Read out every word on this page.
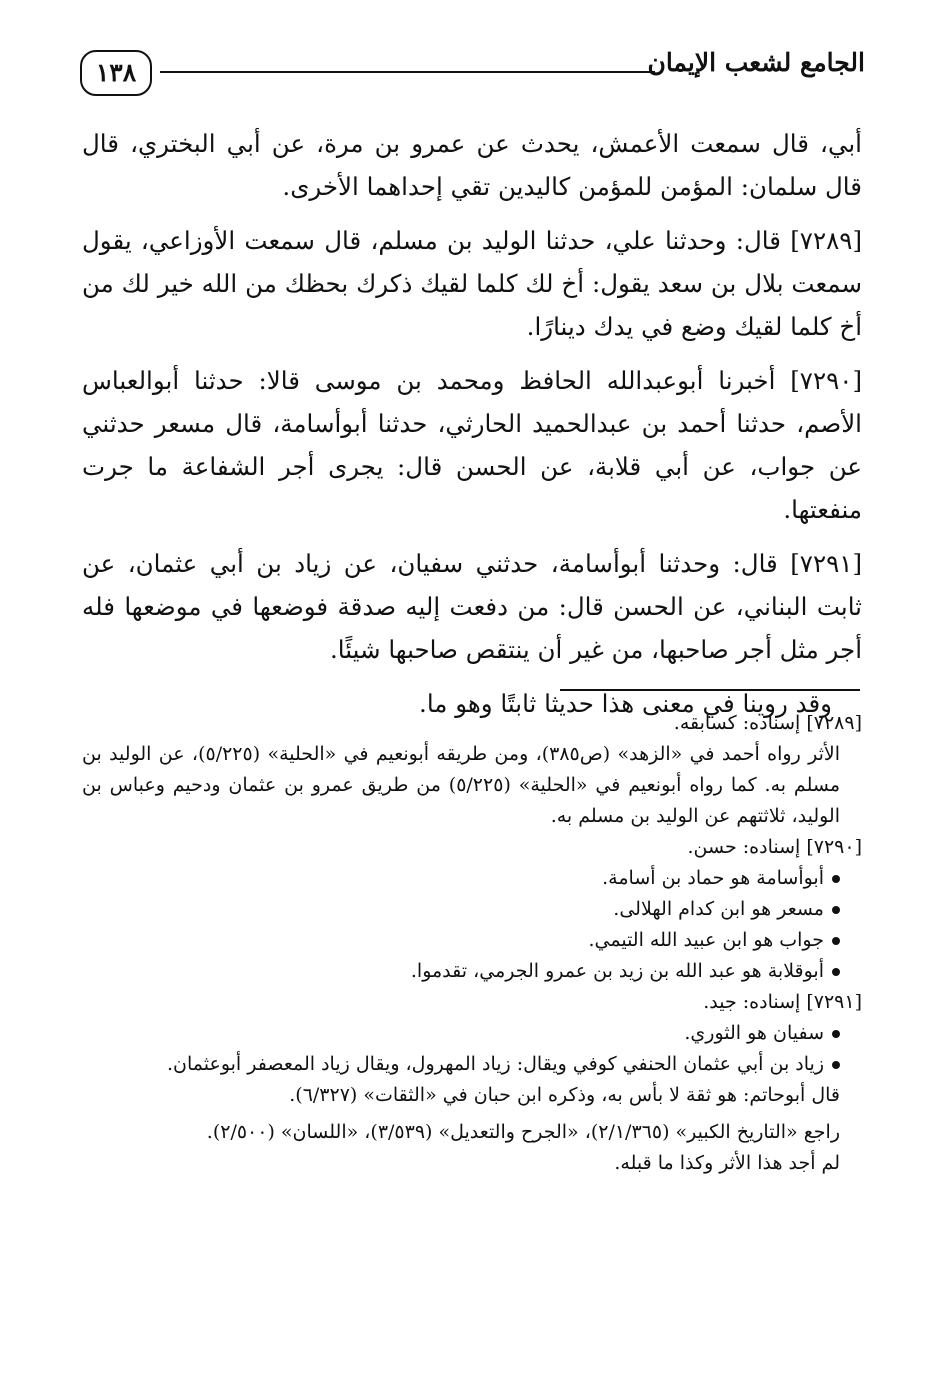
الجامع لشعب الإيمان
١٣٨

أبي، قال سمعت الأعمش، يحدث عن عمرو بن مرة، عن أبي البختري، قال قال سلمان: المؤمن للمؤمن كاليدين تقي إحداهما الأخرى.

[٧٢٨٩] قال: وحدثنا علي، حدثنا الوليد بن مسلم، قال سمعت الأوزاعي، يقول سمعت بلال بن سعد يقول: أخ لك كلما لقيك ذكرك بحظك من الله خير لك من أخ كلما لقيك وضع في يدك دينارًا.

[٧٢٩٠] أخبرنا أبوعبدالله الحافظ ومحمد بن موسى قالا: حدثنا أبوالعباس الأصم، حدثنا أحمد بن عبدالحميد الحارثي، حدثنا أبوأسامة، قال مسعر حدثني عن جواب، عن أبي قلابة، عن الحسن قال: يجرى أجر الشفاعة ما جرت منفعتها.

[٧٢٩١] قال: وحدثنا أبوأسامة، حدثني سفيان، عن زياد بن أبي عثمان، عن ثابت البناني، عن الحسن قال: من دفعت إليه صدقة فوضعها في موضعها فله أجر مثل أجر صاحبها، من غير أن ينتقص صاحبها شيئًا.

وقد روينا في معنى هذا حديثا ثابتًا وهو ما.

[٧٢٨٩] إسناده: كسابقه.

الأثر رواه أحمد في «الزهد» (ص٣٨٥)، ومن طريقه أبونعيم في «الحلية» (٥/٢٢٥)، عن الوليد بن مسلم به. كما رواه أبونعيم في «الحلية» (٥/٢٢٥) من طريق عمرو بن عثمان ودحيم وعباس بن الوليد، ثلاثتهم عن الوليد بن مسلم به.

[٧٢٩٠] إسناده: حسن.

أبوأسامة هو حماد بن أسامة.
مسعر هو ابن كدام الهلالى.
جواب هو ابن عبيد الله التيمي.
أبوقلابة هو عبد الله بن زيد بن عمرو الجرمي، تقدموا.

[٧٢٩١] إسناده: جيد.

سفيان هو الثوري.
زياد بن أبي عثمان الحنفي كوفي ويقال: زياد المهرول، ويقال زياد المعصفر أبوعثمان.

قال أبوحاتم: هو ثقة لا بأس به، وذكره ابن حبان في «الثقات» (٦/٣٢٧).

راجع «التاريخ الكبير» (٢/١/٣٦٥)، «الجرح والتعديل» (٣/٥٣٩)، «اللسان» (٢/٥٠٠).

لم أجد هذا الأثر وكذا ما قبله.
